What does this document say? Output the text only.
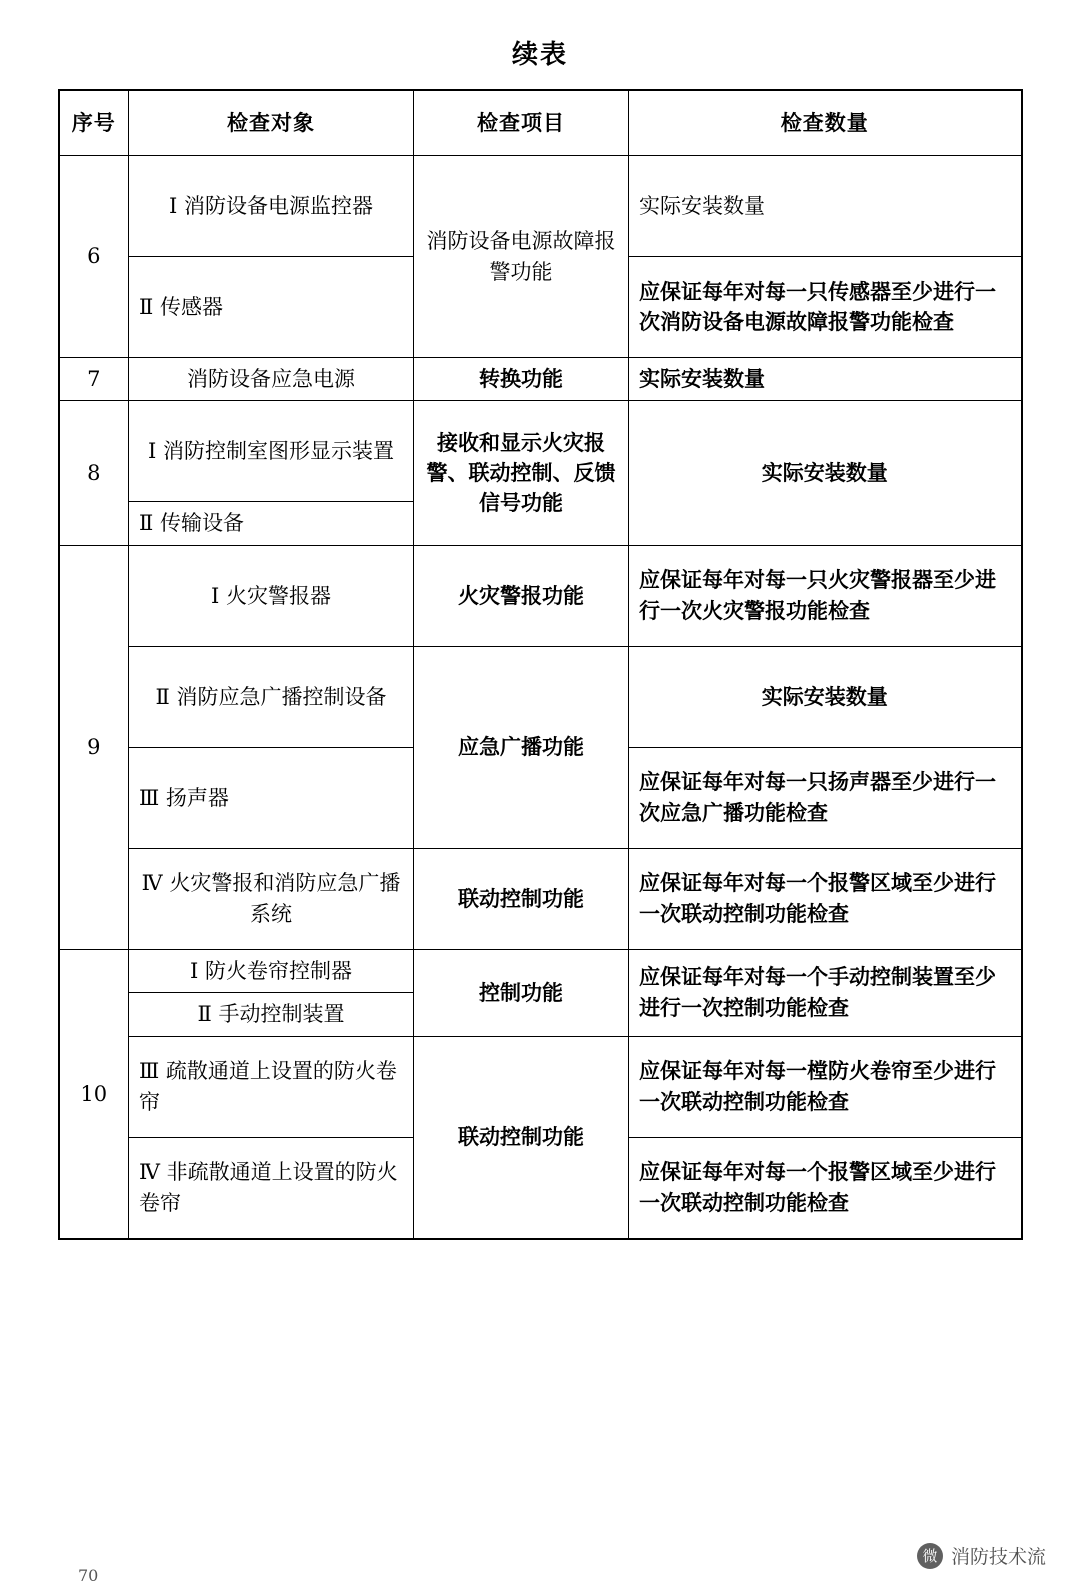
续表
序号	检查对象	检查项目	检查数量
6	Ⅰ 消防设备电源监控器	消防设备电源故障报警功能	实际安装数量
	Ⅱ 传感器		应保证每年对每一只传感器至少进行一次消防设备电源故障报警功能检查
7	消防设备应急电源	转换功能	实际安装数量
8	Ⅰ 消防控制室图形显示装置	接收和显示火灾报警、联动控制、反馈信号功能	实际安装数量
	Ⅱ 传输设备		
9	Ⅰ 火灾警报器	火灾警报功能	应保证每年对每一只火灾警报器至少进行一次火灾警报功能检查
	Ⅱ 消防应急广播控制设备	应急广播功能	实际安装数量
	Ⅲ 扬声器		应保证每年对每一只扬声器至少进行一次应急广播功能检查
	Ⅳ 火灾警报和消防应急广播系统	联动控制功能	应保证每年对每一个报警区域至少进行一次联动控制功能检查
10	Ⅰ 防火卷帘控制器	控制功能	应保证每年对每一个手动控制装置至少进行一次控制功能检查
	Ⅱ 手动控制装置		
	Ⅲ 疏散通道上设置的防火卷帘	联动控制功能	应保证每年对每一樘防火卷帘至少进行一次联动控制功能检查
	Ⅳ 非疏散通道上设置的防火卷帘		应保证每年对每一个报警区域至少进行一次联动控制功能检查
70
微 消防技术流
